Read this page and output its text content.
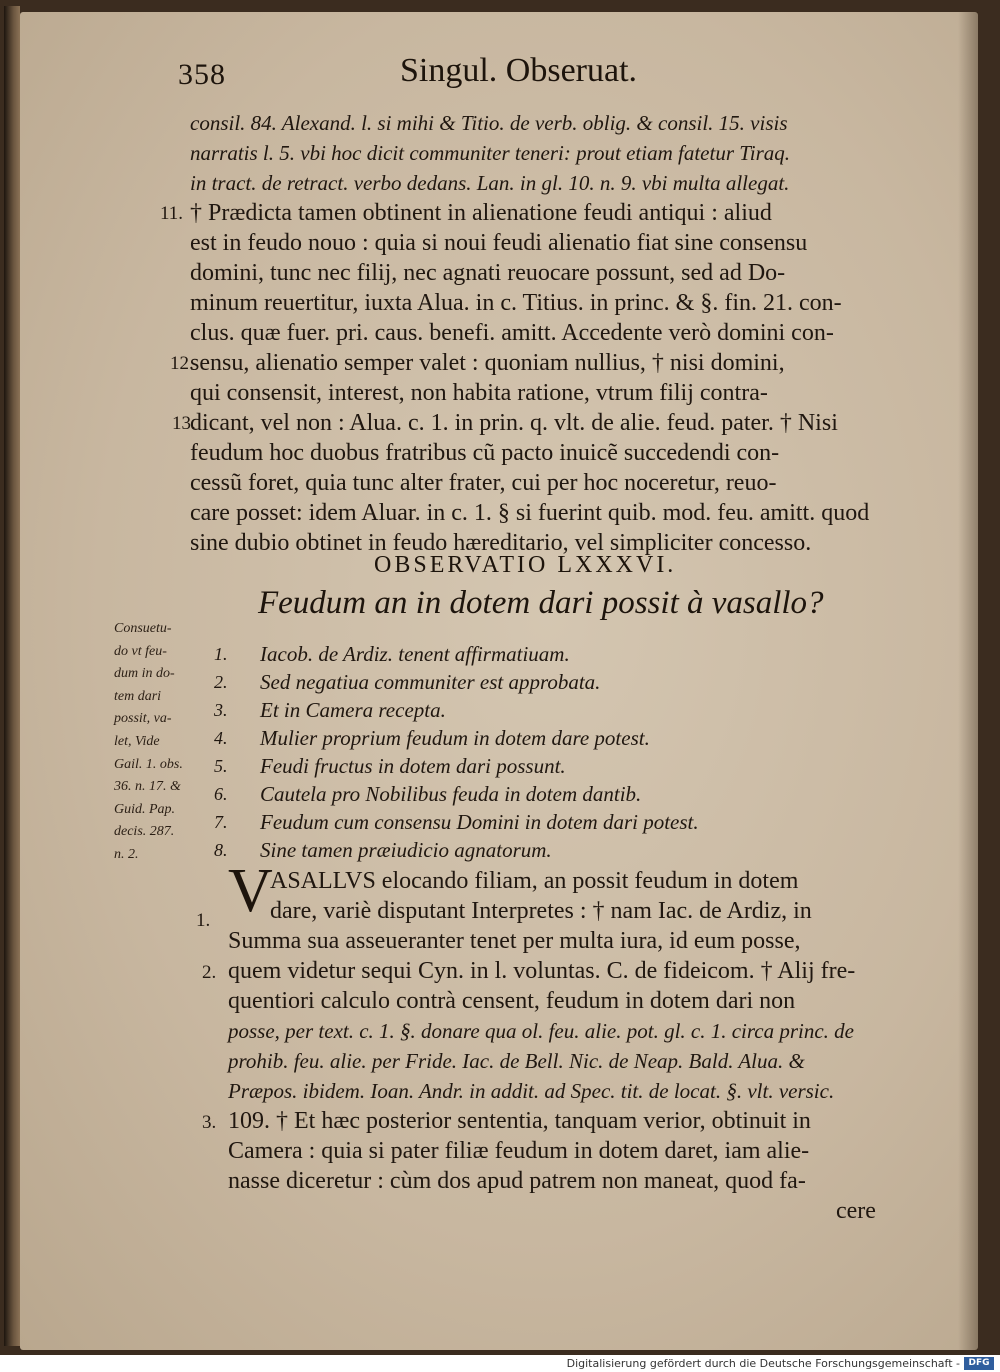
358	Singul. Obseruat.
consil. 84. Alexand. l. si mihi & Titio. de verb. oblig. & consil. 15. visis
narratis l. 5. vbi hoc dicit communiter teneri: prout etiam fatetur Tiraq.
in tract. de retract. verbo dedans. Lan. in gl. 10. n. 9. vbi multa allegat.
† Prædicta tamen obtinent in alienatione feudi antiqui : aliud
est in feudo nouo : quia si noui feudi alienatio fiat sine consensu
domini, tunc nec filij, nec agnati reuocare possunt, sed ad Do-
minum reuertitur, iuxta Alua. in c. Titius. in princ. & §. fin. 21. con-
clus. quæ fuer. pri. caus. benefi. amitt. Accedente verò domini con-
sensu, alienatio semper valet : quoniam nullius, † nisi domini,
qui consensit, interest, non habita ratione, vtrum filij contra-
dicant, vel non : Alua. c. 1. in prin. q. vlt. de alie. feud. pater. † Nisi
feudum hoc duobus fratribus cũ pacto inuicẽ succedendi con-
cessũ foret, quia tunc alter frater, cui per hoc noceretur, reuo-
care posset: idem Aluar. in c. 1. § si fuerint quib. mod. feu. amitt. quod
sine dubio obtinet in feudo hæreditario, vel simpliciter concesso.
11.
12.
13.
OBSERVATIO LXXXVI.
Feudum an in dotem dari possit à vasallo?
Consuetu-
do vt feu-
dum in do-
tem dari
possit, va-
let, Vide
Gail. 1. obs.
36. n. 17. &
Guid. Pap.
decis. 287.
n. 2.
1. Iacob. de Ardiz. tenent affirmatiuam.
2. Sed negatiua communiter est approbata.
3. Et in Camera recepta.
4. Mulier proprium feudum in dotem dare potest.
5. Feudi fructus in dotem dari possunt.
6. Cautela pro Nobilibus feuda in dotem dantib.
7. Feudum cum consensu Domini in dotem dari potest.
8. Sine tamen præiudicio agnatorum.
V
ASALLVS elocando filiam, an possit feudum in dotem
dare, variè disputant Interpretes : † nam Iac. de Ardiz, in
Summa sua asseueranter tenet per multa iura, id eum posse,
quem videtur sequi Cyn. in l. voluntas. C. de fideicom. † Alij fre-
quentiori calculo contrà censent, feudum in dotem dari non
posse, per text. c. 1. §. donare qua ol. feu. alie. pot. gl. c. 1. circa princ. de
prohib. feu. alie. per Fride. Iac. de Bell. Nic. de Neap. Bald. Alua. &
Præpos. ibidem. Ioan. Andr. in addit. ad Spec. tit. de locat. §. vlt. versic.
109. † Et hæc posterior sententia, tanquam verior, obtinuit in
Camera : quia si pater filiæ feudum in dotem daret, iam alie-
nasse diceretur : cùm dos apud patrem non maneat, quod fa-
cere
1.
2.
3.
Digitalisierung gefördert durch die Deutsche Forschungsgemeinschaft - DFG
